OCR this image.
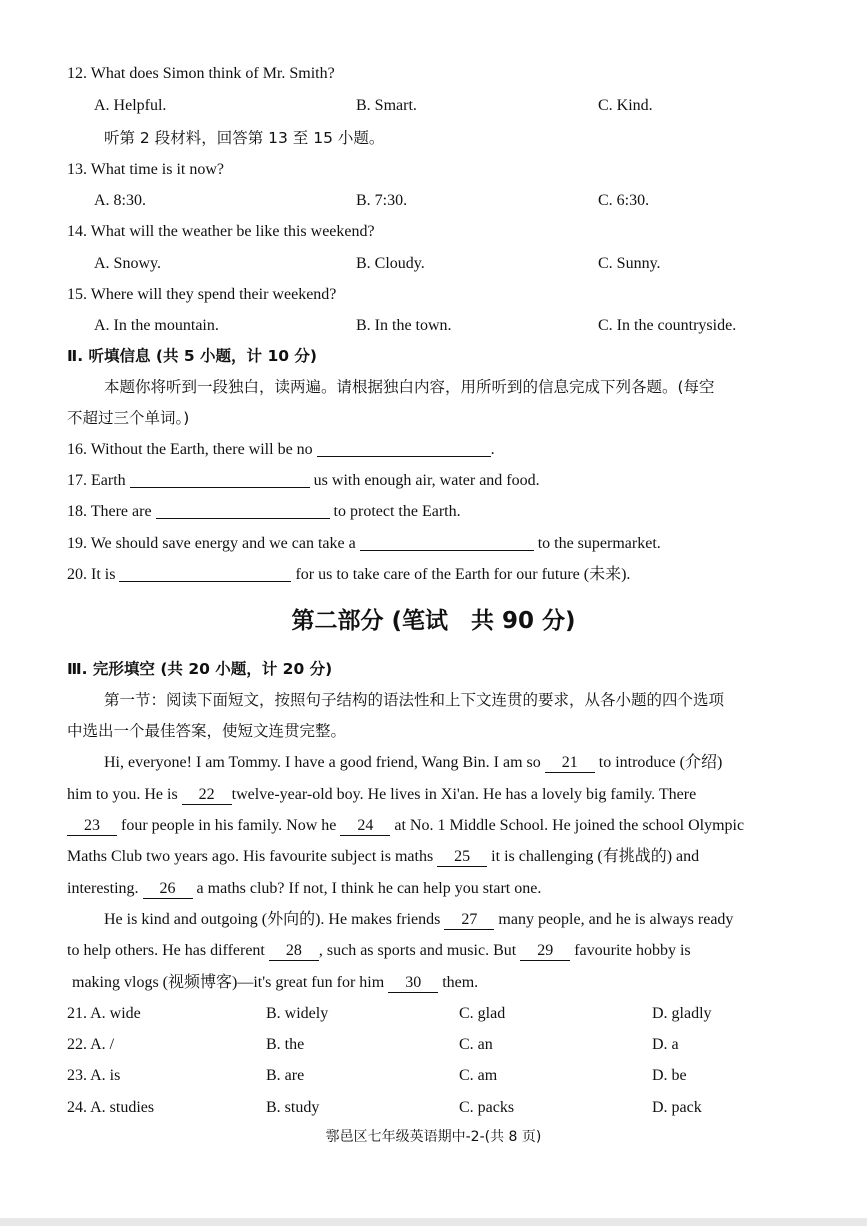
12. What does Simon think of Mr. Smith?
A. Helpful.	B. Smart.	C. Kind.
听第 2 段材料，回答第 13 至 15 小题。
13. What time is it now?
A. 8:30.	B. 7:30.	C. 6:30.
14. What will the weather be like this weekend?
A. Snowy.	B. Cloudy.	C. Sunny.
15. Where will they spend their weekend?
A. In the mountain.	B. In the town.	C. In the countryside.
Ⅱ. 听填信息 (共 5 小题，计 10 分)
本题你将听到一段独白，读两遍。请根据独白内容，用所听到的信息完成下列各题。(每空
不超过三个单词。)
16. Without the Earth, there will be no	.
17. Earth	us with enough air, water and food.
18. There are	to protect the Earth.
19. We should save energy and we can take a	to the supermarket.
20. It is	for us to take care of the Earth for our future (未来).
第二部分 (笔试　共 90 分)
Ⅲ. 完形填空 (共 20 小题，计 20 分)
第一节：阅读下面短文，按照句子结构的语法性和上下文连贯的要求，从各小题的四个选项
中选出一个最佳答案，使短文连贯完整。
Hi, everyone! I am Tommy. I have a good friend, Wang Bin. I am so 21 to introduce (介绍)
him to you. He is 22 twelve-year-old boy. He lives in Xi'an. He has a lovely big family. There
23 four people in his family. Now he 24 at No. 1 Middle School. He joined the school Olympic
Maths Club two years ago. His favourite subject is maths 25 it is challenging (有挑战的) and
interesting. 26 a maths club? If not, I think he can help you start one.
He is kind and outgoing (外向的). He makes friends 27 many people, and he is always ready
to help others. He has different 28 , such as sports and music. But 29 favourite hobby is
making vlogs (视频博客)—it's great fun for him 30 them.
21. A. wide	B. widely	C. glad	D. gladly
22. A. /	B. the	C. an	D. a
23. A. is	B. are	C. am	D. be
24. A. studies	B. study	C. packs	D. pack
鄠邑区七年级英语期中-2-(共 8 页)
